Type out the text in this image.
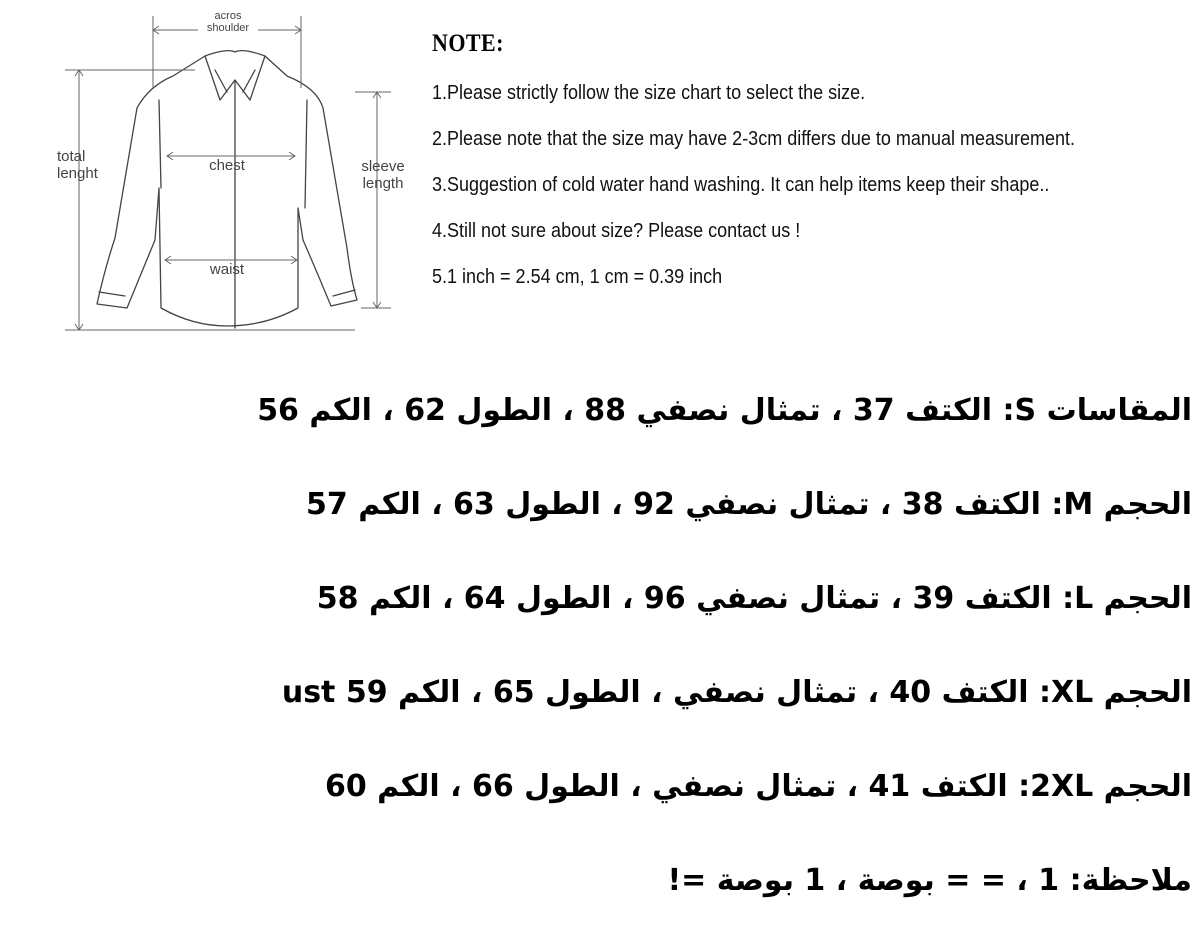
acros
shoulder
total
lenght	chest	sleeve
length
waist
NOTE:
1.Please strictly follow the size chart to select the size.
2.Please note that the size may have 2-3cm differs due to manual measurement.
3.Suggestion of cold water hand washing. It can help items keep their shape..
4.Still not sure about size? Please contact us !
5.1 inch = 2.54 cm, 1 cm = 0.39 inch
المقاسات S: الكتف 37 ، تمثال نصفي 88 ، الطول 62 ، الكم 56
الحجم M: الكتف 38 ، تمثال نصفي 92 ، الطول 63 ، الكم 57
الحجم L: الكتف 39 ، تمثال نصفي 96 ، الطول 64 ، الكم 58
الحجم XL: الكتف 40 ، تمثال نصفي ، الطول 65 ، الكم 59 ust
الحجم 2XL: الكتف 41 ، تمثال نصفي ، الطول 66 ، الكم 60
ملاحظة: 1 ، = = بوصة ، 1 بوصة =!
